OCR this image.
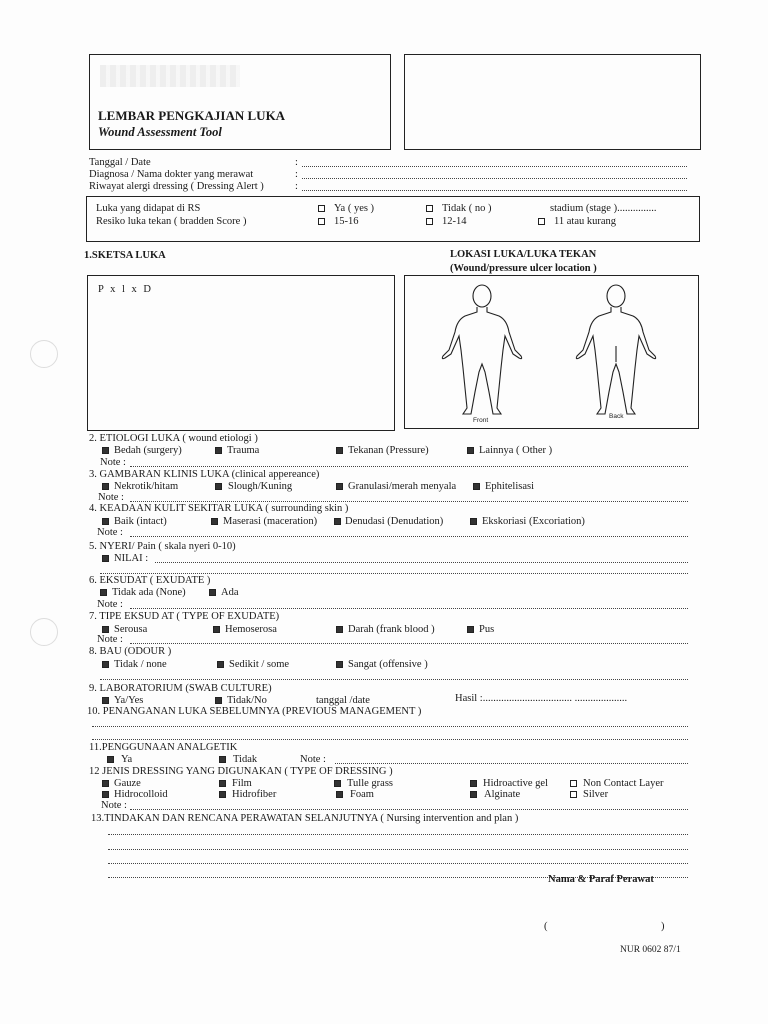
LEMBAR PENGKAJIAN LUKA
Wound Assessment Tool
Tanggal / Date	:
Diagnosa / Nama dokter yang merawat	:
Riwayat alergi dressing ( Dressing Alert )	:
Luka yang didapat di RS	Ya ( yes )	Tidak ( no )	stadium (stage )...............
Resiko luka tekan ( bradden Score )	15-16	12-14	11 atau kurang
1.SKETSA LUKA	LOKASI LUKA/LUKA TEKAN
(Wound/pressure ulcer location )
P x l x D
Front
Back
2. ETIOLOGI LUKA ( wound etiologi )
Bedah (surgery)	Trauma	Tekanan (Pressure)	Lainnya ( Other )
Note :
3. GAMBARAN KLINIS LUKA (clinical appereance)
Nekrotik/hitam	Slough/Kuning	Granulasi/merah menyala	Ephitelisasi
Note :
4. KEADAAN KULIT SEKITAR LUKA ( surrounding skin )
Baik (intact)	Maserasi (maceration)	Denudasi (Denudation)	Ekskoriasi (Excoriation)
Note :
5. NYERI/ Pain ( skala nyeri 0-10)
NILAI :
6. EKSUDAT ( EXUDATE )
Tidak ada (None)	Ada
Note :
7. TIPE EKSUD AT ( TYPE OF EXUDATE)
Serousa	Hemoserosa	Darah (frank blood )	Pus
Note :
8. BAU (ODOUR )
Tidak / none	Sedikit / some	Sangat (offensive )
9. LABORATORIUM (SWAB CULTURE)
Ya/Yes	Tidak/No	tanggal /date	Hasil :.................................. ....................
10. PENANGANAN LUKA SEBELUMNYA (PREVIOUS MANAGEMENT )
11.PENGGUNAAN ANALGETIK
Ya	Tidak	Note :
12 JENIS DRESSING YANG DIGUNAKAN ( TYPE OF DRESSING )
Gauze	Film	Tulle grass	Hidroactive gel	Non Contact Layer
Hidrocolloid	Hidrofiber	Foam	Alginate	Silver
Note :
13.TINDAKAN DAN RENCANA PERAWATAN SELANJUTNYA ( Nursing intervention and plan )
Nama & Paraf Perawat
(	)
NUR 0602 87/1
